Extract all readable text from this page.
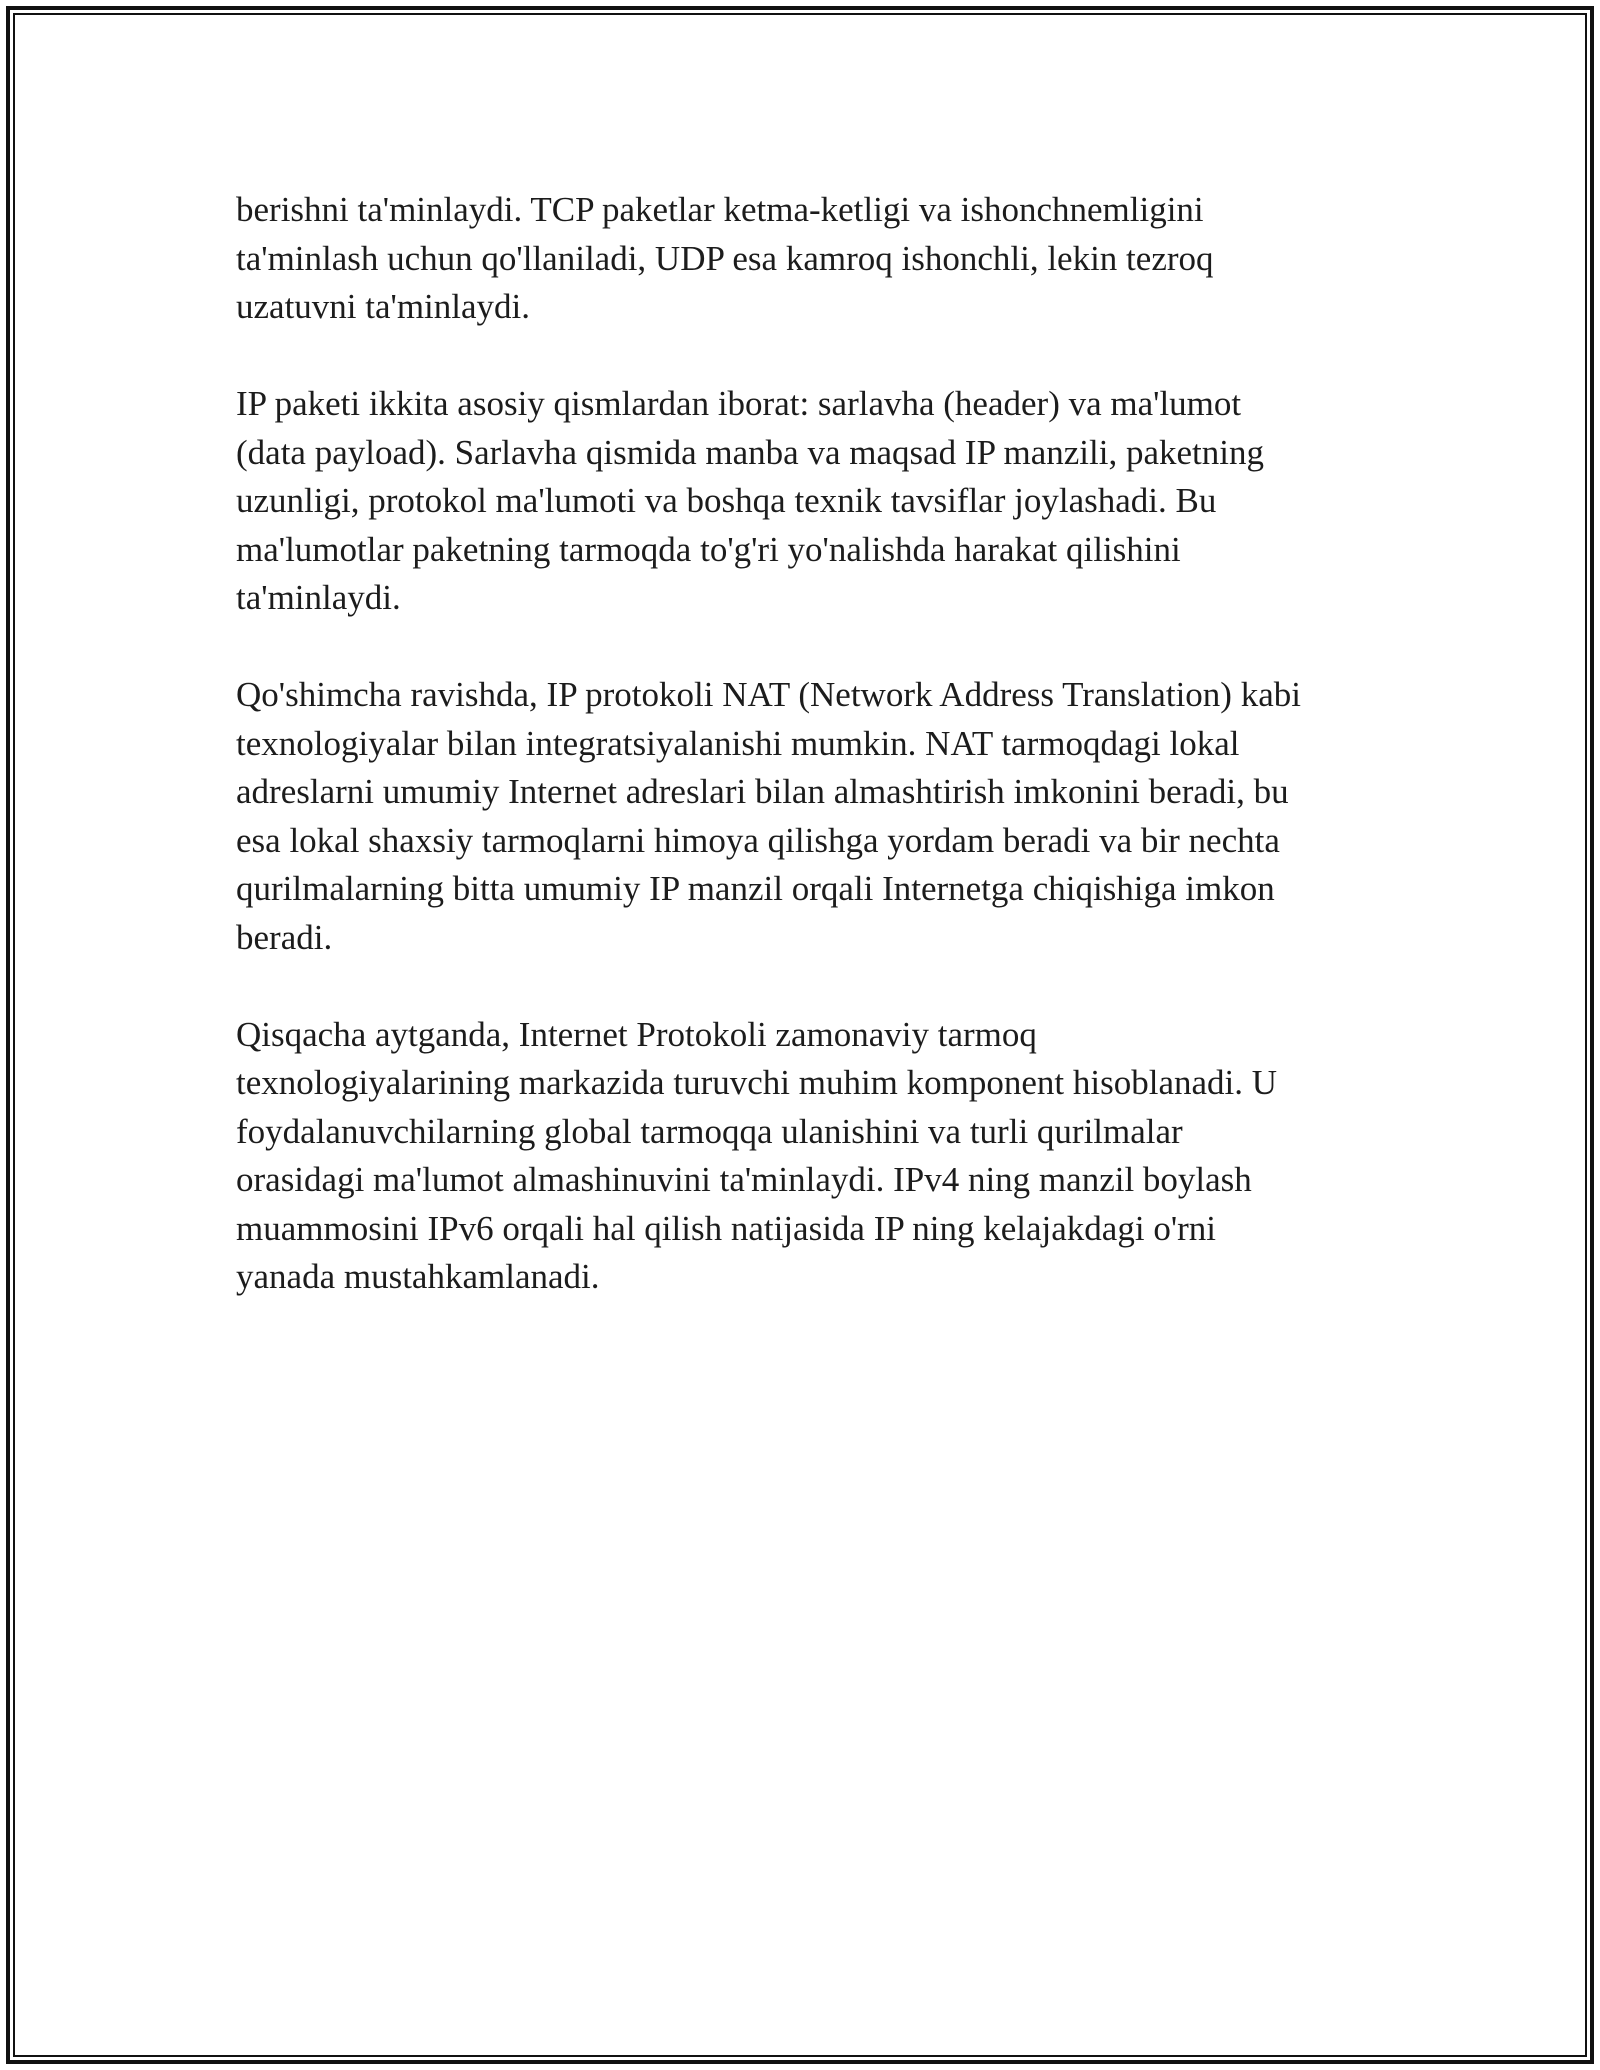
berishni ta'minlaydi. TCP paketlar ketma-ketligi va ishonchnemligini
ta'minlash uchun qo'llaniladi, UDP esa kamroq ishonchli, lekin tezroq
uzatuvni ta'minlaydi.

IP paketi ikkita asosiy qismlardan iborat: sarlavha (header) va ma'lumot
(data payload). Sarlavha qismida manba va maqsad IP manzili, paketning
uzunligi, protokol ma'lumoti va boshqa texnik tavsiflar joylashadi. Bu
ma'lumotlar paketning tarmoqda to'g'ri yo'nalishda harakat qilishini
ta'minlaydi.

Qo'shimcha ravishda, IP protokoli NAT (Network Address Translation) kabi
texnologiyalar bilan integratsiyalanishi mumkin. NAT tarmoqdagi lokal
adreslarni umumiy Internet adreslari bilan almashtirish imkonini beradi, bu
esa lokal shaxsiy tarmoqlarni himoya qilishga yordam beradi va bir nechta
qurilmalarning bitta umumiy IP manzil orqali Internetga chiqishiga imkon
beradi.

Qisqacha aytganda, Internet Protokoli zamonaviy tarmoq
texnologiyalarining markazida turuvchi muhim komponent hisoblanadi. U
foydalanuvchilarning global tarmoqqa ulanishini va turli qurilmalar
orasidagi ma'lumot almashinuvini ta'minlaydi. IPv4 ning manzil boylash
muammosini IPv6 orqali hal qilish natijasida IP ning kelajakdagi o'rni
yanada mustahkamlanadi.
